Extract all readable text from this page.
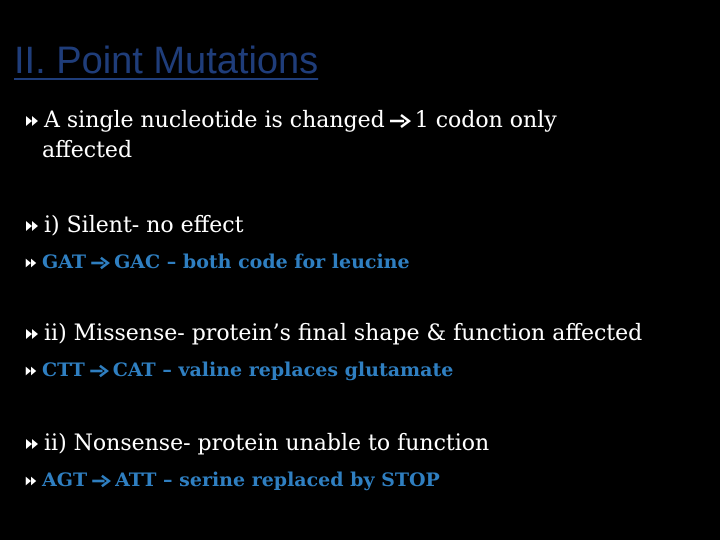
II. Point Mutations
A single nucleotide is changed 1 codon only
affected
i) Silent- no effect
GAT GAC – both code for leucine
ii) Missense- protein’s final shape & function affected
CTT CAT – valine replaces glutamate
ii) Nonsense- protein unable to function
AGT ATT – serine replaced by STOP
